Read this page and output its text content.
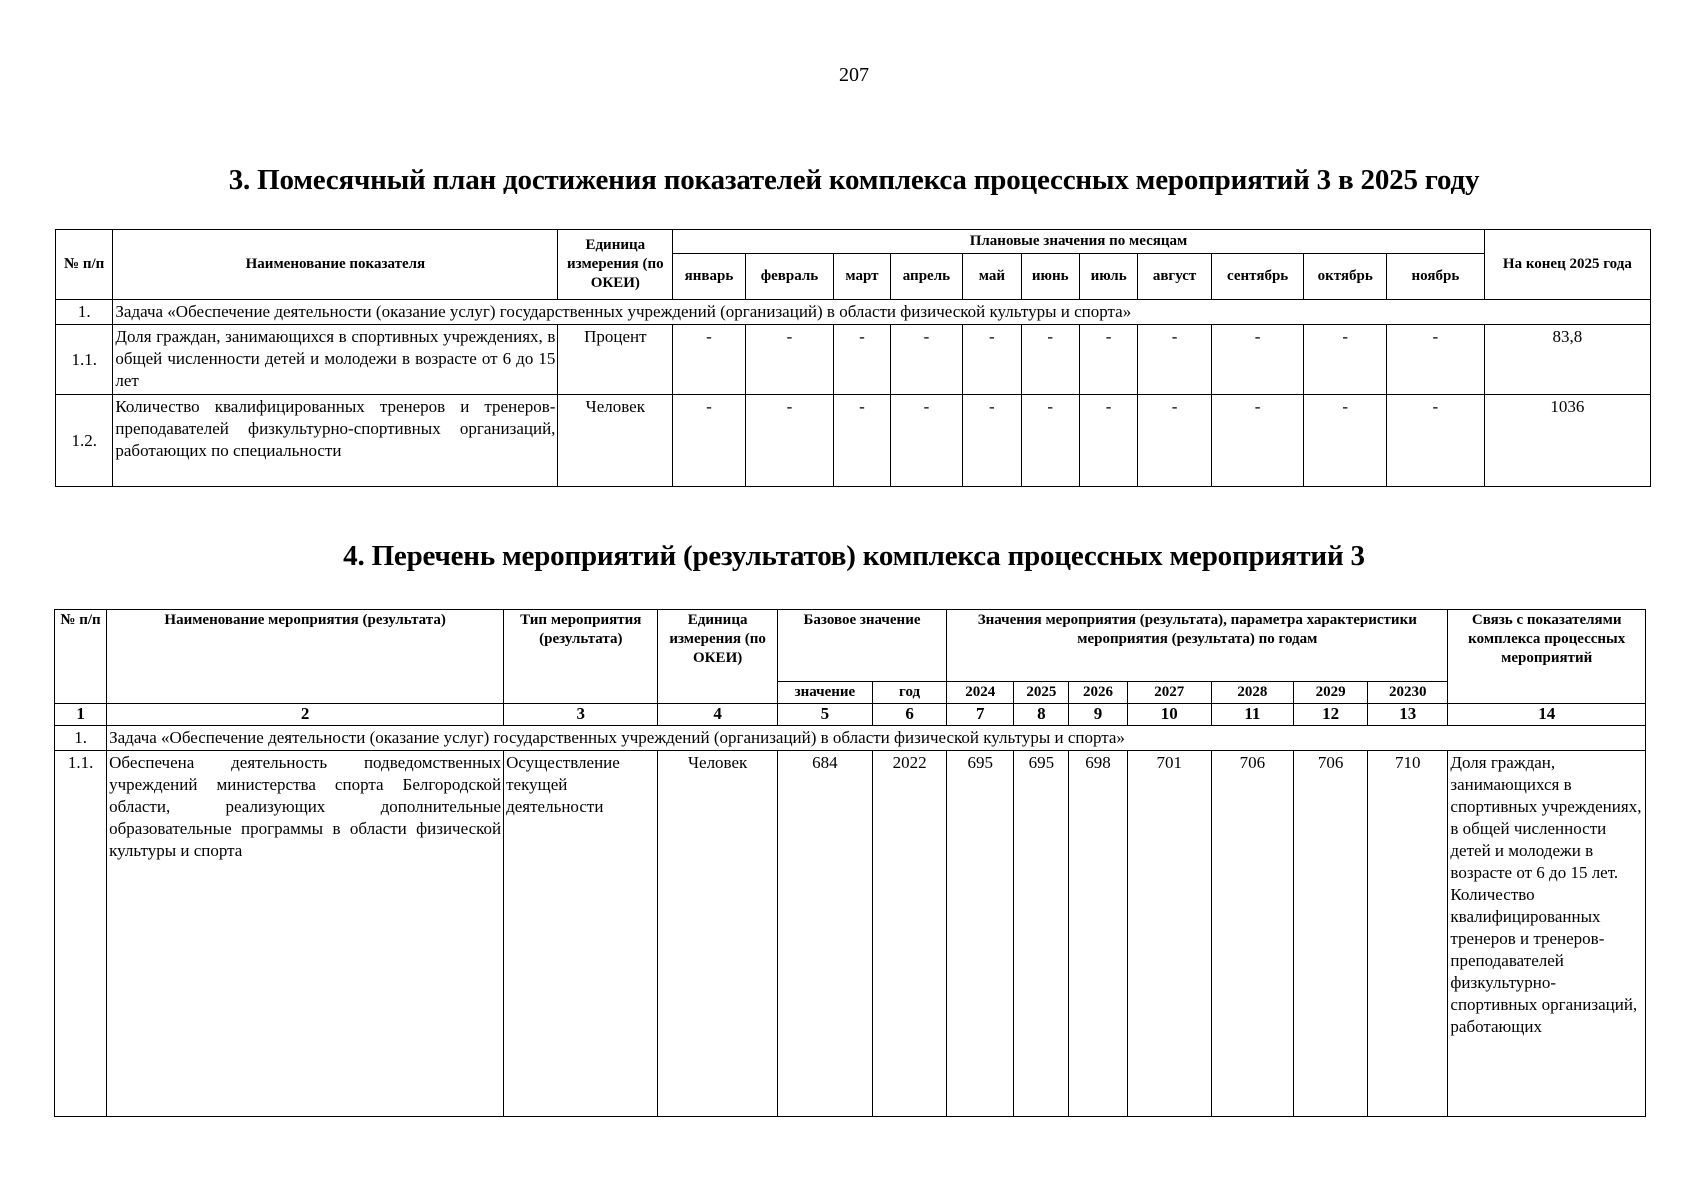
207
3. Помесячный план достижения показателей комплекса процессных мероприятий 3 в 2025 году
№ п/п	Наименование показателя	Единица измерения (по ОКЕИ)	Плановые значения по месяцам											На конец 2025 года
			январь	февраль	март	апрель	май	июнь	июль	август	сентябрь	октябрь	ноябрь	
1.	Задача «Обеспечение деятельности (оказание услуг) государственных учреждений (организаций) в области физической культуры и спорта»													
1.1.	Доля граждан, занимающихся в спортивных учреждениях, в общей численности детей и молодежи в возрасте от 6 до 15 лет	Процент	-	-	-	-	-	-	-	-	-	-	-	83,8
1.2.	Количество квалифицированных тренеров и тренеров-преподавателей физкультурно-спортивных организаций, работающих по специальности	Человек	-	-	-	-	-	-	-	-	-	-	-	1036
4. Перечень мероприятий (результатов) комплекса процессных мероприятий 3
№ п/п	Наименование мероприятия (результата)	Тип мероприятия (результата)	Единица измерения (по ОКЕИ)	Базовое значение		Значения мероприятия (результата), параметра характеристики мероприятия (результата) по годам							Связь с показателями комплекса процессных мероприятий
				значение	год	2024	2025	2026	2027	2028	2029	20230	
1	2	3	4	5	6	7	8	9	10	11	12	13	14
1.	Задача «Обеспечение деятельности (оказание услуг) государственных учреждений (организаций) в области физической культуры и спорта»												
1.1.	Обеспечена деятельность подведомственных учреждений министерства спорта Белгородской области, реализующих дополнительные образовательные программы в области физической культуры и спорта	Осуществление текущей деятельности	Человек	684	2022	695	695	698	701	706	706	710	Доля граждан, занимающихся в спортивных учреждениях, в общей численности детей и молодежи в возрасте от 6 до 15 лет. Количество квалифицированных тренеров и тренеров-преподавателей физкультурно-спортивных организаций, работающих
